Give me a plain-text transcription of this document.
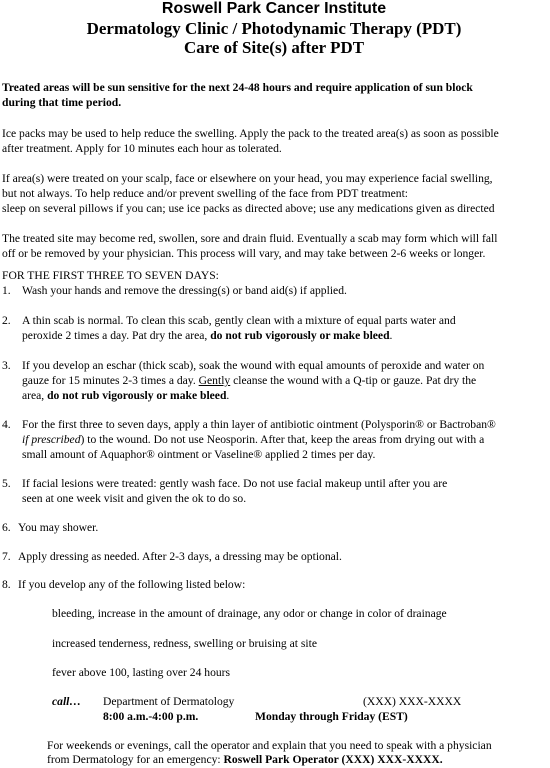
Roswell Park Cancer Institute
Dermatology Clinic / Photodynamic Therapy (PDT)
Care of Site(s) after PDT
Treated areas will be sun sensitive for the next 24-48 hours and require application of sun block
during that time period.
Ice packs may be used to help reduce the swelling. Apply the pack to the treated area(s) as soon as possible
after treatment. Apply for 10 minutes each hour as tolerated.
If area(s) were treated on your scalp, face or elsewhere on your head, you may experience facial swelling,
but not always. To help reduce and/or prevent swelling of the face from PDT treatment:
sleep on several pillows if you can; use ice packs as directed above; use any medications given as directed
The treated site may become red, swollen, sore and drain fluid. Eventually a scab may form which will fall
off or be removed by your physician. This process will vary, and may take between 2-6 weeks or longer.
FOR THE FIRST THREE TO SEVEN DAYS:
1. Wash your hands and remove the dressing(s) or band aid(s) if applied.
2. A thin scab is normal. To clean this scab, gently clean with a mixture of equal parts water and
peroxide 2 times a day. Pat dry the area, do not rub vigorously or make bleed.
3. If you develop an eschar (thick scab), soak the wound with equal amounts of peroxide and water on
gauze for 15 minutes 2-3 times a day. Gently cleanse the wound with a Q-tip or gauze. Pat dry the
area, do not rub vigorously or make bleed.
4. For the first three to seven days, apply a thin layer of antibiotic ointment (Polysporin® or Bactroban®
if prescribed) to the wound. Do not use Neosporin. After that, keep the areas from drying out with a
small amount of Aquaphor® ointment or Vaseline® applied 2 times per day.
5. If facial lesions were treated: gently wash face. Do not use facial makeup until after you are
seen at one week visit and given the ok to do so.
6. You may shower.
7. Apply dressing as needed. After 2-3 days, a dressing may be optional.
8. If you develop any of the following listed below:
bleeding, increase in the amount of drainage, any odor or change in color of drainage
increased tenderness, redness, swelling or bruising at site
fever above 100, lasting over 24 hours
call… Department of Dermatology	(XXX) XXX-XXXX
8:00 a.m.-4:00 p.m.	Monday through Friday (EST)
For weekends or evenings, call the operator and explain that you need to speak with a physician
from Dermatology for an emergency: Roswell Park Operator (XXX) XXX-XXXX.
